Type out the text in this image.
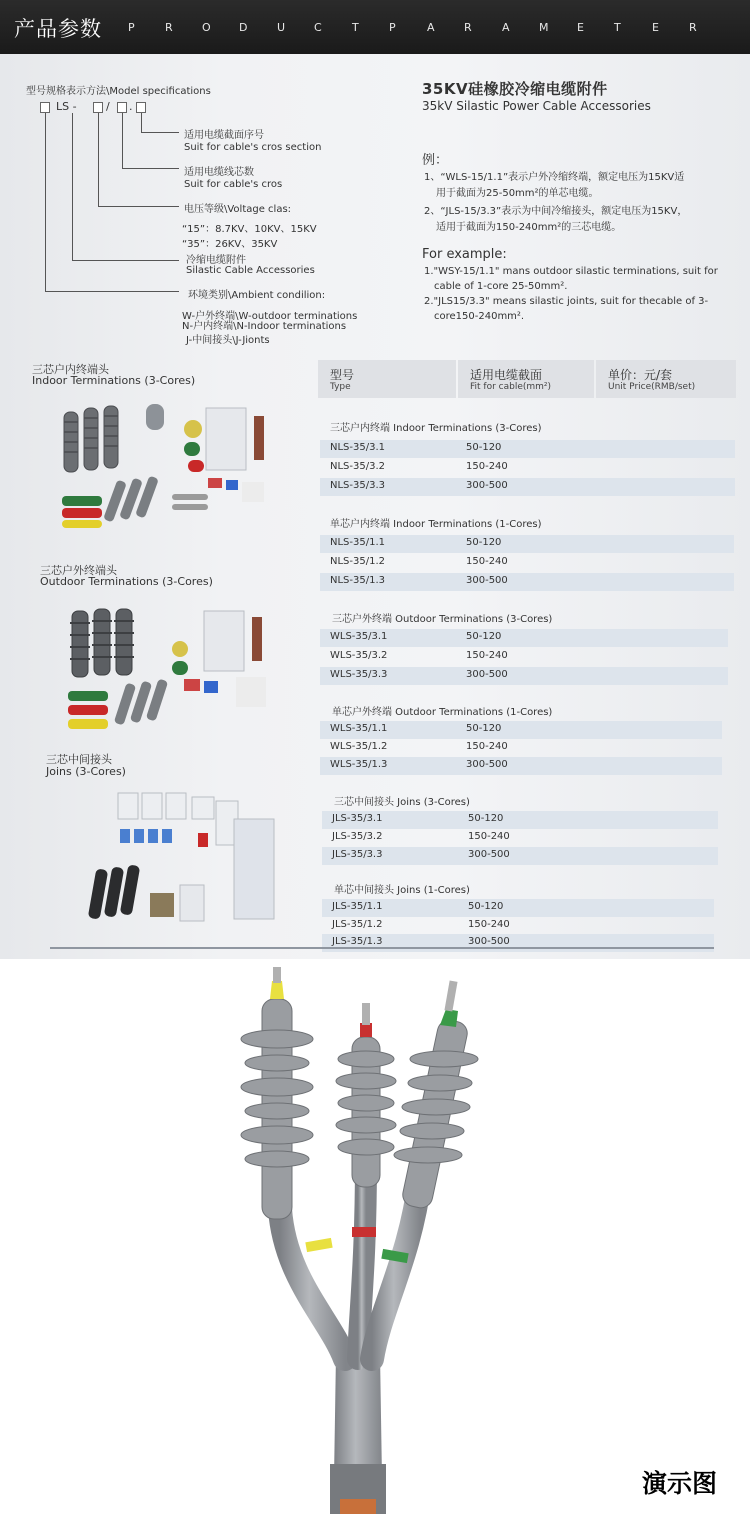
产品参数 P	R O D	U C	T	P	A R	A M E	T	E	R
型号规格表示方法\Model specifications
LS -	/ .
适用电缆截面序号
Suit for cable's cros section
适用电缆线芯数
Suit for cable's cros
电压等级\Voltage clas:
“15”：8.7KV、10KV、15KV
“35”：26KV、35KV
冷缩电缆附件
Silastic Cable Accessories
环境类别\Ambient condilion:
W-户外终端\W-outdoor terminations
N-户内终端\N-Indoor terminations
J-中间接头\J-Jionts
35KV硅橡胶冷缩电缆附件
35kV Silastic Power Cable Accessories
例：
1、“WLS-15/1.1”表示户外冷缩终端，额定电压为15KV适
用于截面为25-50mm²的单芯电缆。
2、“JLS-15/3.3”表示为中间冷缩接头，额定电压为15KV，
适用于截面为150-240mm²的三芯电缆。
For example:
1."WSY-15/1.1" mans outdoor silastic terminations, suit for
cable of 1-core 25-50mm².
2."JLS15/3.3" means silastic joints, suit for thecable of 3-
core150-240mm².
三芯户内终端头
Indoor Terminations (3-Cores)
三芯户外终端头
Outdoor Terminations (3-Cores)
三芯中间接头
Joins (3-Cores)
型号
Type
适用电缆截面
Fit for cable(mm²)
单价：元/套
Unit Price(RMB/set)
三芯户内终端 Indoor Terminations (3-Cores)
NLS-35/3.1	50-120
NLS-35/3.2	150-240
NLS-35/3.3	300-500
单芯户内终端 Indoor Terminations (1-Cores)
NLS-35/1.1	50-120
NLS-35/1.2	150-240
NLS-35/1.3	300-500
三芯户外终端 Outdoor Terminations (3-Cores)
WLS-35/3.1	50-120
WLS-35/3.2	150-240
WLS-35/3.3	300-500
单芯户外终端 Outdoor Terminations (1-Cores)
WLS-35/1.1	50-120
WLS-35/1.2	150-240
WLS-35/1.3	300-500
三芯中间接头 Joins (3-Cores)
JLS-35/3.1	50-120
JLS-35/3.2	150-240
JLS-35/3.3	300-500
单芯中间接头 Joins (1-Cores)
JLS-35/1.1	50-120
JLS-35/1.2	150-240
JLS-35/1.3	300-500
演示图
